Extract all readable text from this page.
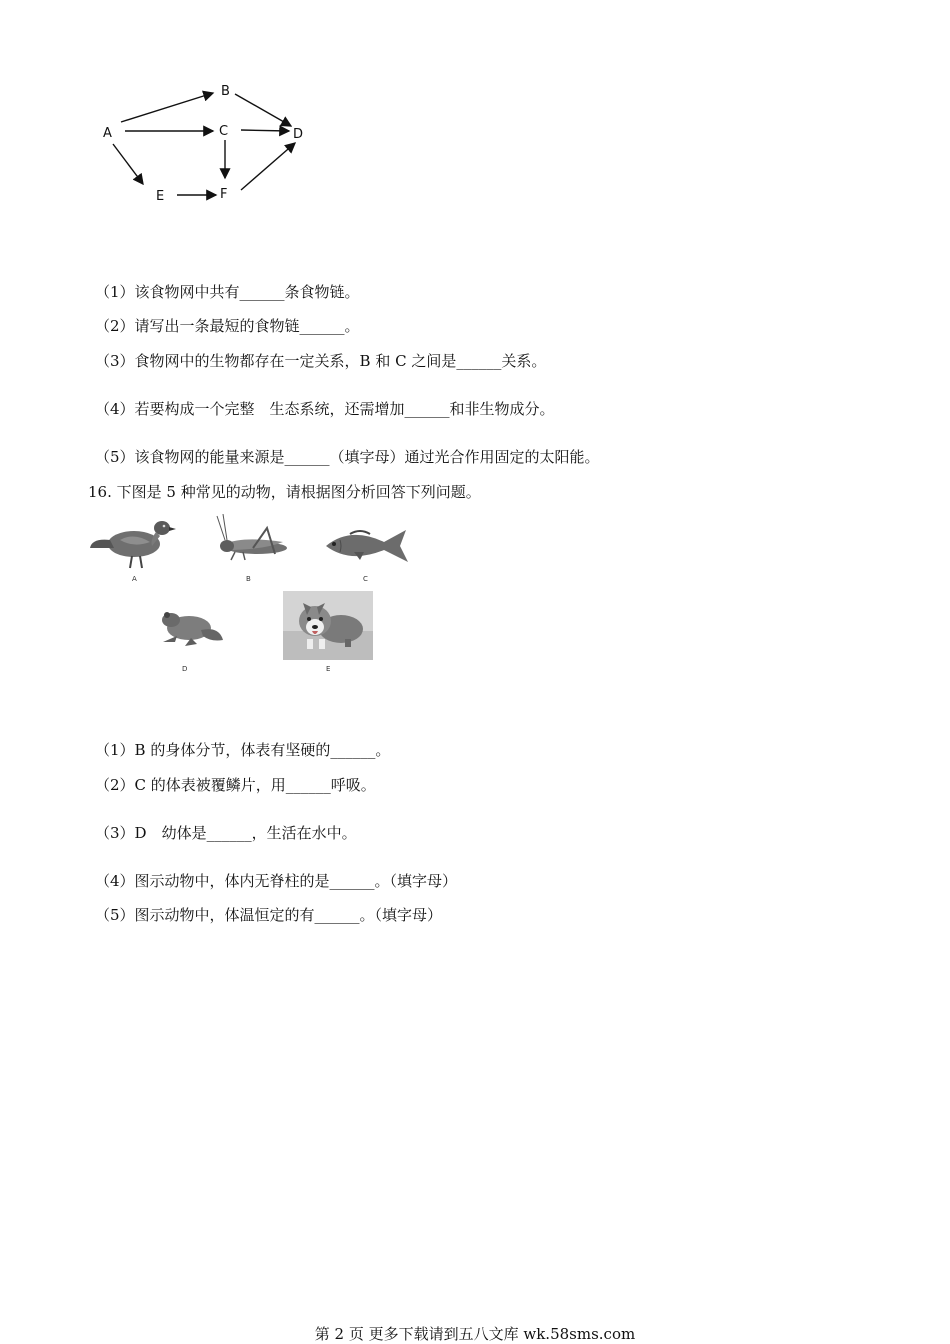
A
B
C	D
E	F
（1）该食物网中共有______条食物链。
（2）请写出一条最短的食物链______。
（3）食物网中的生物都存在一定关系，B 和 C 之间是______关系。
（4）若要构成一个完整　生态系统，还需增加______和非生物成分。
（5）该食物网的能量来源是______（填字母）通过光合作用固定的太阳能。
16. 下图是 5 种常见的动物，请根据图分析回答下列问题。
A	B	C
D	E
（1）B 的身体分节，体表有坚硬的______。
（2）C 的体表被覆鳞片，用______呼吸。
（3）D　幼体是______，生活在水中。
（4）图示动物中，体内无脊柱的是______。（填字母）
（5）图示动物中，体温恒定的有______。（填字母）
第 2 页 更多下载请到五八文库 wk.58sms.com
